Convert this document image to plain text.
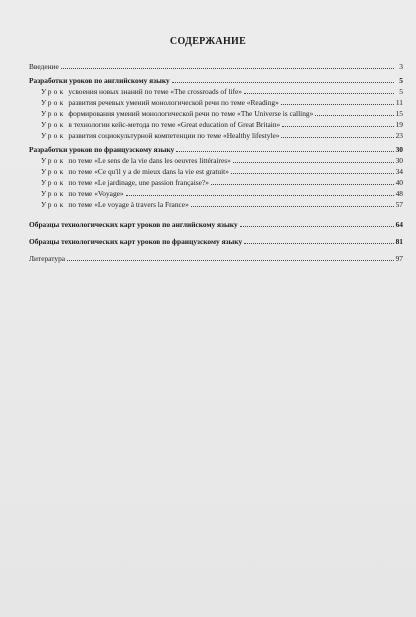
СОДЕРЖАНИЕ
Введение	3
Разработки уроков по английскому языку	5
Урок усвоения новых знаний по теме «The crossroads of life»	5
Урок развития речевых умений монологической речи по теме «Reading»	11
Урок формирования умений монологической речи по теме «The Universe is calling»	15
Урок в технологии кейс-метода по теме «Great education of Great Britain»	19
Урок развития социокультурной компетенции по теме «Healthy lifestyle»	23
Разработки уроков по французскому языку	30
Урок по теме «Le sens de la vie dans les oeuvres littéraires»	30
Урок по теме «Ce qu'il y a de mieux dans la vie est gratuit»	34
Урок по теме «Le jardinage, une passion française?»	40
Урок по теме «Voyage»	48
Урок по теме «Le voyage à travers la France»	57
Образцы технологических карт уроков по английскому языку	64
Образцы технологических карт уроков по французскому языку	81
Литература	97
